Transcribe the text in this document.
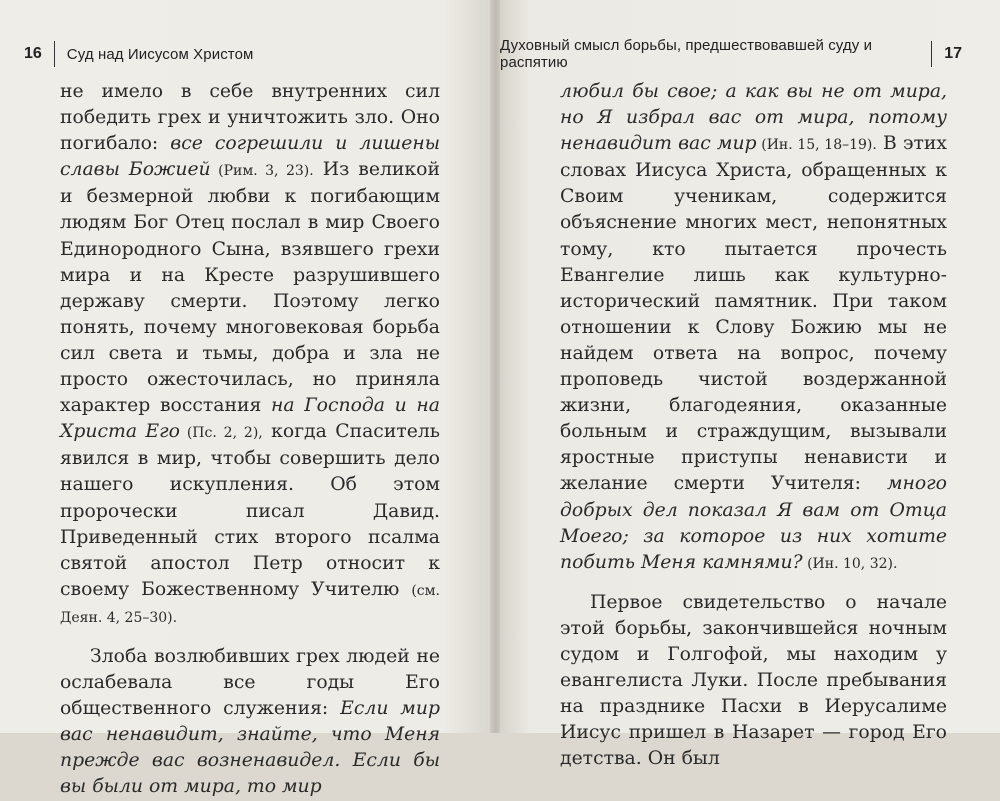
16 Суд над Иисусом Христом

не имело в себе внутренних сил победить грех и уничтожить зло. Оно погибало: все согрешили и лишены славы Божией (Рим. 3, 23). Из великой и безмерной любви к погибающим людям Бог Отец послал в мир Своего Единородного Сына, взявшего грехи мира и на Кресте разрушившего державу смерти. Поэтому легко понять, почему многовековая борьба сил света и тьмы, добра и зла не просто ожесточилась, но приняла характер восстания на Господа и на Христа Его (Пс. 2, 2), когда Спаситель явился в мир, чтобы совершить дело нашего искупления. Об этом пророчески писал Давид. Приведенный стих второго псалма святой апостол Петр относит к своему Божественному Учителю (см. Деян. 4, 25–30).

Злоба возлюбивших грех людей не ослабевала все годы Его общественного служения: Если мир вас ненавидит, знайте, что Меня прежде вас возненавидел. Если бы вы были от мира, то мир

Духовный смысл борьбы, предшествовавшей суду и распятию
17

любил бы свое; а как вы не от мира, но Я избрал вас от мира, потому ненавидит вас мир (Ин. 15, 18–19). В этих словах Иисуса Христа, обращенных к Своим ученикам, содержится объяснение многих мест, непонятных тому, кто пытается прочесть Евангелие лишь как культурно-исторический памятник. При таком отношении к Слову Божию мы не найдем ответа на вопрос, почему проповедь чистой воздержанной жизни, благодеяния, оказанные больным и страждущим, вызывали яростные приступы ненависти и желание смерти Учителя: много добрых дел показал Я вам от Отца Моего; за которое из них хотите побить Меня камнями? (Ин. 10, 32).

Первое свидетельство о начале этой борьбы, закончившейся ночным судом и Голгофой, мы находим у евангелиста Луки. После пребывания на празднике Пасхи в Иерусалиме Иисус пришел в Назарет — город Его детства. Он был
